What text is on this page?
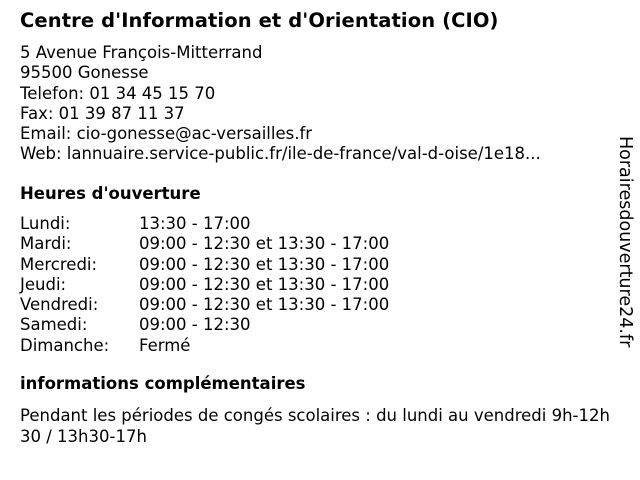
Centre d'Information et d'Orientation (CIO)
5 Avenue François-Mitterrand
95500 Gonesse
Telefon: 01 34 45 15 70
Fax: 01 39 87 11 37
Email: cio-gonesse@ac-versailles.fr
Web: lannuaire.service-public.fr/ile-de-france/val-d-oise/1e18...
Heures d'ouverture
Lundi:	13:30 - 17:00
Mardi:	09:00 - 12:30 et 13:30 - 17:00
Mercredi:	09:00 - 12:30 et 13:30 - 17:00
Jeudi:	09:00 - 12:30 et 13:30 - 17:00
Vendredi: 09:00 - 12:30 et 13:30 - 17:00
Samedi:	09:00 - 12:30
Dimanche: Fermé
informations complémentaires
Pendant les périodes de congés scolaires : du lundi au vendredi 9h-12h30 / 13h30-17h
Horairesdouverture24.fr
